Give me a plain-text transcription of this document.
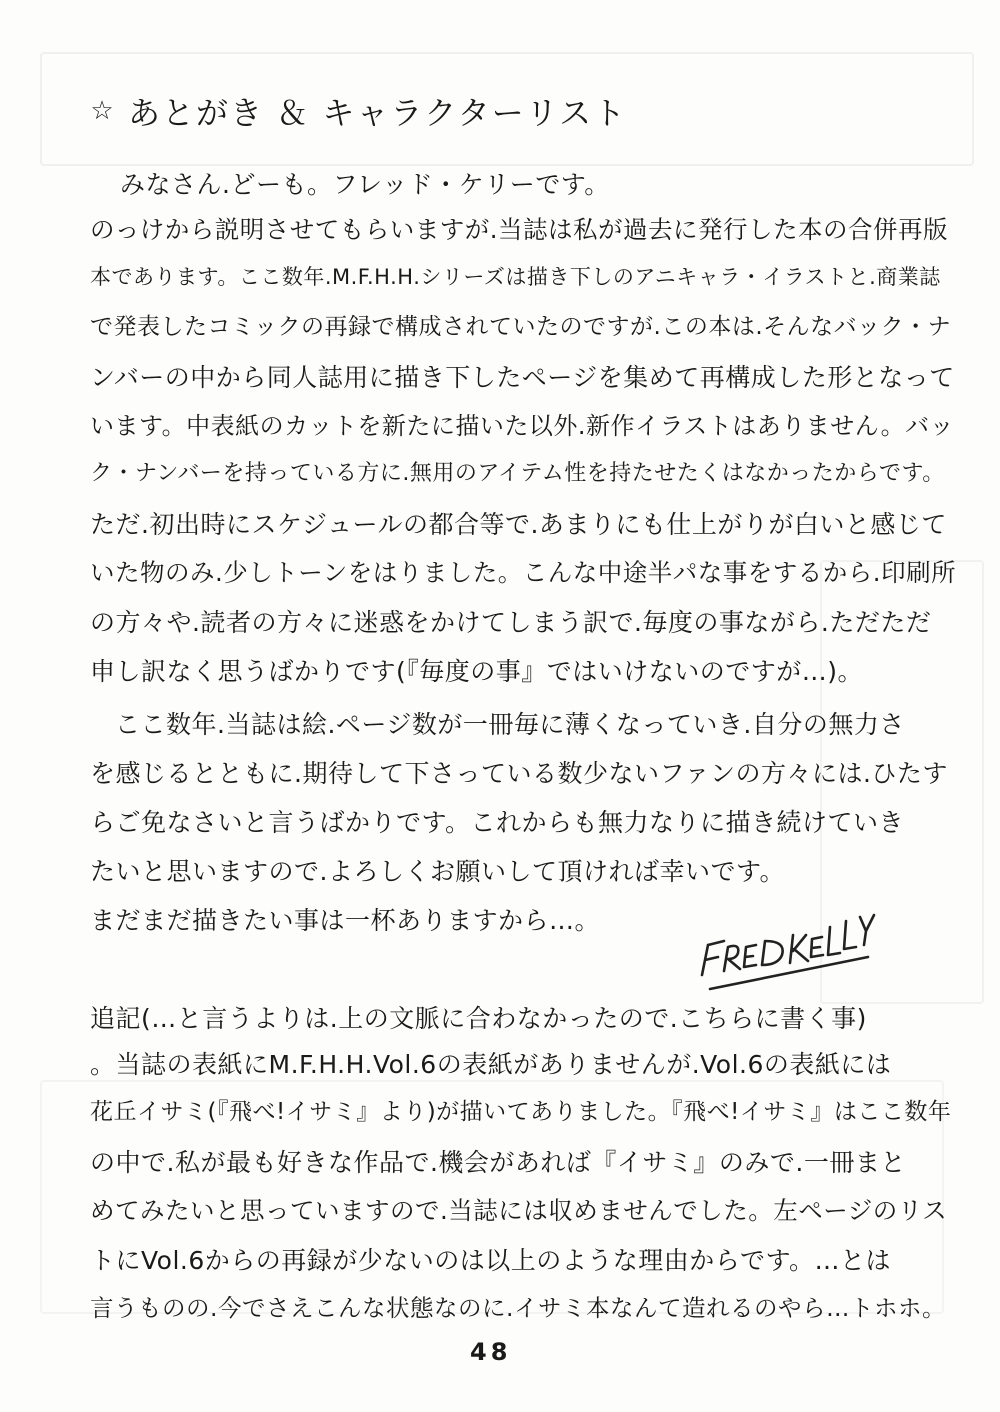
☆ あとがき ＆ キャラクターリスト
みなさん.どーも。フレッド・ケリーです。
のっけから説明させてもらいますが.当誌は私が過去に発行した本の合併再版
本であります。ここ数年.M.F.H.H.シリーズは描き下しのアニキャラ・イラストと.商業誌
で発表したコミックの再録で構成されていたのですが.この本は.そんなバック・ナ
ンバーの中から同人誌用に描き下したページを集めて再構成した形となって
います。中表紙のカットを新たに描いた以外.新作イラストはありません。バッ
ク・ナンバーを持っている方に.無用のアイテム性を持たせたくはなかったからです。
ただ.初出時にスケジュールの都合等で.あまりにも仕上がりが白いと感じて
いた物のみ.少しトーンをはりました。こんな中途半パな事をするから.印刷所
の方々や.読者の方々に迷惑をかけてしまう訳で.毎度の事ながら.ただただ
申し訳なく思うばかりです(『毎度の事』ではいけないのですが…)。
ここ数年.当誌は絵.ページ数が一冊毎に薄くなっていき.自分の無力さ
を感じるとともに.期待して下さっている数少ないファンの方々には.ひたす
らご免なさいと言うばかりです。これからも無力なりに描き続けていき
たいと思いますので.よろしくお願いして頂ければ幸いです。
まだまだ描きたい事は一杯ありますから…。
追記(…と言うよりは.上の文脈に合わなかったので.こちらに書く事)
。当誌の表紙にM.F.H.H.Vol.6の表紙がありませんが.Vol.6の表紙には
花丘イサミ(『飛べ!イサミ』より)が描いてありました。『飛べ!イサミ』はここ数年
の中で.私が最も好きな作品で.機会があれば『イサミ』のみで.一冊まと
めてみたいと思っていますので.当誌には収めませんでした。左ページのリス
トにVol.6からの再録が少ないのは以上のような理由からです。…とは
言うものの.今でさえこんな状態なのに.イサミ本なんて造れるのやら…トホホ。
48
